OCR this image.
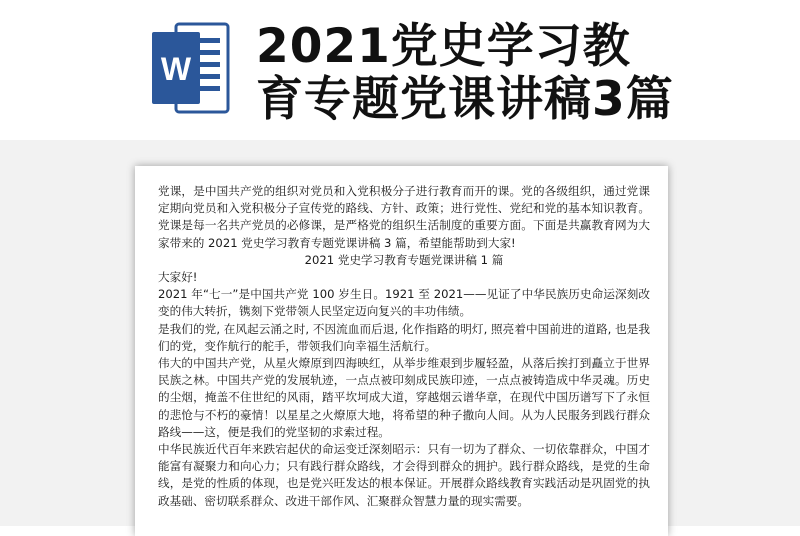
W 2021党史学习教
育专题党课讲稿3篇

党课，是中国共产党的组织对党员和入党积极分子进行教育而开的课。党的各级组织，通过党课定期向党员和入党积极分子宣传党的路线、方针、政策；进行党性、党纪和党的基本知识教育。党课是每一名共产党员的必修课，是严格党的组织生活制度的重要方面。下面是共赢教育网为大家带来的 2021 党史学习教育专题党课讲稿 3 篇，希望能帮助到大家!

2021 党史学习教育专题党课讲稿 1 篇

大家好!

2021 年“七一”是中国共产党 100 岁生日。1921 至 2021——见证了中华民族历史命运深刻改变的伟大转折，镌刻下党带领人民坚定迈向复兴的丰功伟绩。

是我们的党, 在风起云涌之时, 不因流血而后退, 化作指路的明灯, 照亮着中国前进的道路, 也是我们的党，变作航行的舵手，带领我们向幸福生活航行。

伟大的中国共产党，从星火燎原到四海映红，从举步维艰到步履轻盈，从落后挨打到矗立于世界民族之林。中国共产党的发展轨迹，一点点被印刻成民族印迹，一点点被铸造成中华灵魂。历史的尘烟，掩盖不住世纪的风雨，踏平坎坷成大道，穿越烟云谱华章，在现代中国历谱写下了永恒的悲怆与不朽的豪情！以星星之火燎原大地，将希望的种子撒向人间。从为人民服务到践行群众路线——这，便是我们的党坚韧的求索过程。

中华民族近代百年来跌宕起伏的命运变迁深刻昭示：只有一切为了群众、一切依靠群众，中国才能富有凝聚力和向心力；只有践行群众路线，才会得到群众的拥护。践行群众路线，是党的生命线，是党的性质的体现，也是党兴旺发达的根本保证。开展群众路线教育实践活动是巩固党的执政基础、密切联系群众、改进干部作风、汇聚群众智慧力量的现实需要。
